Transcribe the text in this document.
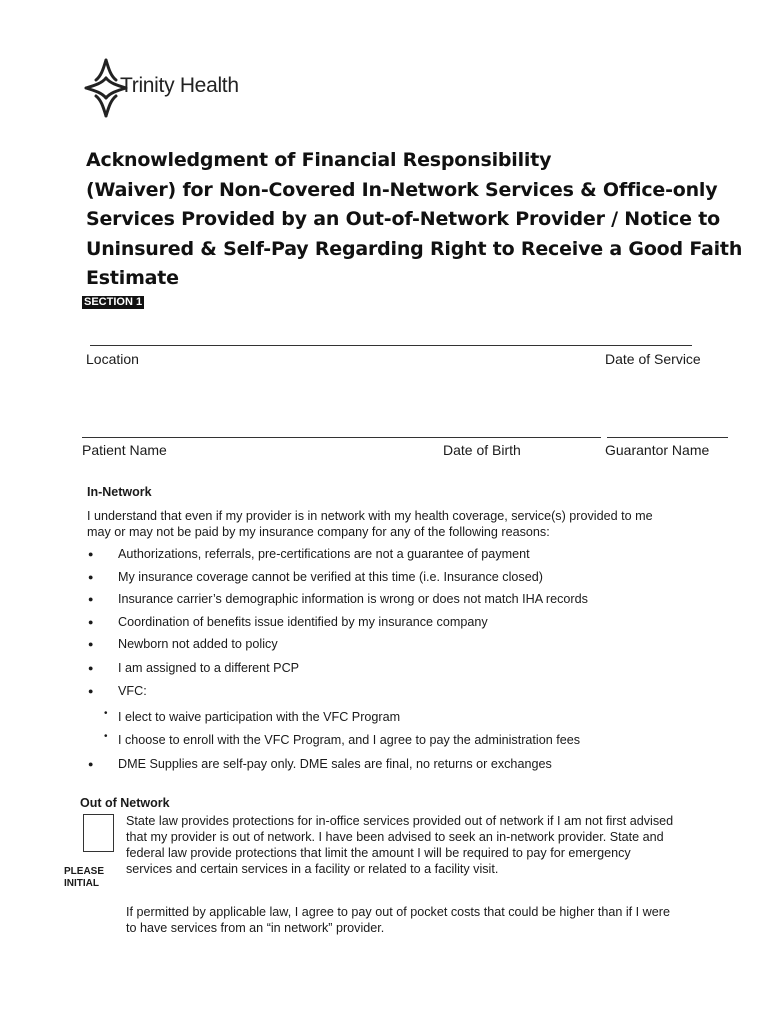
Trinity Health
Acknowledgment of Financial Responsibility
(Waiver) for Non-Covered In-Network Services & Office-only
Services Provided by an Out-of-Network Provider / Notice to
Uninsured & Self-Pay Regarding Right to Receive a Good Faith
Estimate
SECTION 1
Location	Date of Service
Patient Name	Date of Birth	Guarantor Name
In-Network
I understand that even if my provider is in network with my health coverage, service(s) provided to me
may or may not be paid by my insurance company for any of the following reasons:
● Authorizations, referrals, pre-certifications are not a guarantee of payment
● My insurance coverage cannot be verified at this time (i.e. Insurance closed)
● Insurance carrier’s demographic information is wrong or does not match IHA records
● Coordination of benefits issue identified by my insurance company
● Newborn not added to policy
● I am assigned to a different PCP
● VFC:
• I elect to waive participation with the VFC Program
• I choose to enroll with the VFC Program, and I agree to pay the administration fees
● DME Supplies are self-pay only. DME sales are final, no returns or exchanges
Out of Network
PLEASE
INITIAL
State law provides protections for in-office services provided out of network if I am not first advised
that my provider is out of network. I have been advised to seek an in-network provider. State and
federal law provide protections that limit the amount I will be required to pay for emergency
services and certain services in a facility or related to a facility visit.
If permitted by applicable law, I agree to pay out of pocket costs that could be higher than if I were
to have services from an “in network” provider.
